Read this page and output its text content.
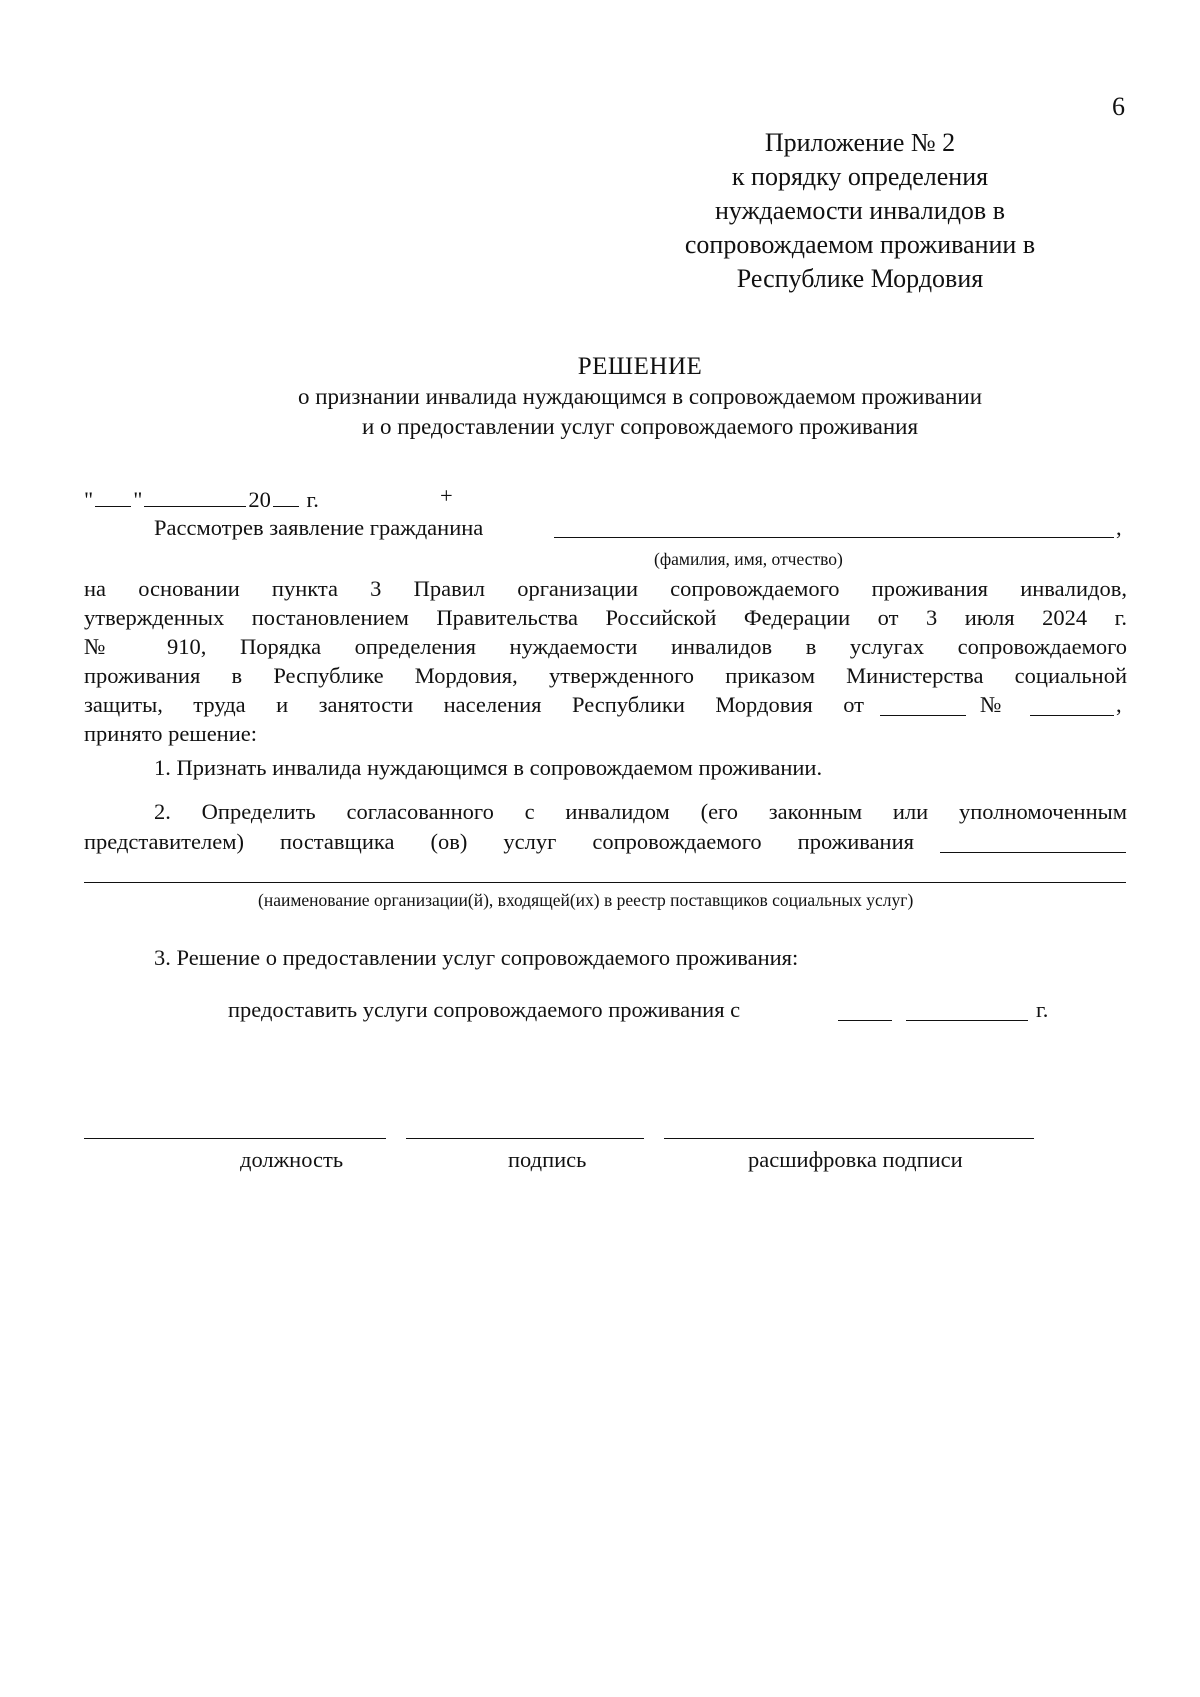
6
Приложение № 2
к порядку определения
нуждаемости инвалидов в
сопровождаемом проживании в
Республике Мордовия
РЕШЕНИЕ
о признании инвалида нуждающимся в сопровождаемом проживании
и о предоставлении услуг сопровождаемого проживания
" "	20 г.	+
Рассмотрев заявление гражданина	,
(фамилия, имя, отчество)
на основании пункта 3 Правил организации сопровождаемого проживания инвалидов,
утвержденных постановлением Правительства Российской Федерации от 3 июля 2024 г.
№ 910, Порядка определения нуждаемости инвалидов в услугах сопровождаемого
проживания в Республике Мордовия, утвержденного приказом Министерства социальной
защиты, труда и занятости населения Республики Мордовия от	№	,
принято решение:
1. Признать инвалида нуждающимся в сопровождаемом проживании.
2. Определить согласованного с инвалидом (его законным или уполномоченным
представителем) поставщика (ов) услуг сопровождаемого проживания
(наименование организации(й), входящей(их) в реестр поставщиков социальных услуг)
3. Решение о предоставлении услуг сопровождаемого проживания:
предоставить услуги сопровождаемого проживания с	г.
должность	подпись	расшифровка подписи
